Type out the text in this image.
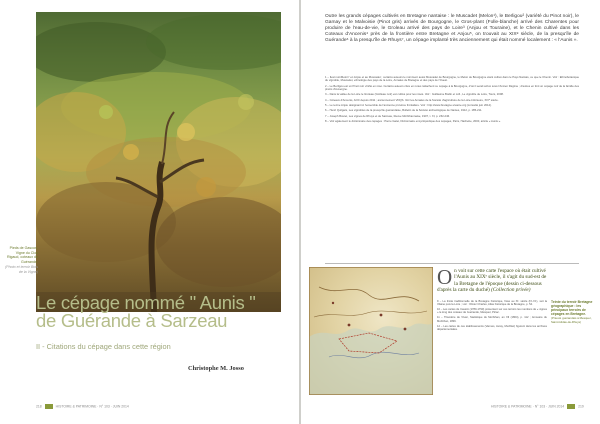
Pieds de Gascon, Vigne du Clos Rigaud, coteaux de Guérande.
(Photo et terroir Bois de la Vigne)
Le cépage nommé " Aunis "
de Guérande à Sarzeau
II - Citations du cépage dans cette région
Christophe M. Josso
218	HISTOIRE & PATRIMOINE · N° 103 · JUIN 2014

Outre les grands cépages cultivés en Bretagne nantaise : le Muscadet (Melon¹), le Berligou² (variété du Pinot noir), le Gamay et le Malvoisie (Pinot gris) arrivés de Bourgogne, le Gros-plant (Folle-blanche) arrivé des Charentes pour produire de l'eau-de-vie, le Groleau arrivé des pays de Loire³ (Anjou et Touraine), et le Chenin cultivé dans les Coteaux d'Ancenis⁴ près de la frontière entre Bretagne et Anjou⁵, on trouvait au XIXᵉ siècle, de la presqu'île de Guérande⁶ à la presqu'île de Rhuys⁷, un cépage implanté très anciennement qui était nommé localement : « l'Aunis ».

1 – Ilest nomMelon" en Anjou et au Muscadet ; certains auteurs le nomment aussi Muscadet de Bourgogne, le Melon de Bourgogne étant cultivé dans le Pays Nantais, ce que le Chenin. Voir : Ethnobotanique du vignoble, Muscadet, ethnologie des pays de la Loire, Annales de Bretagne et des pays de l'Ouest.

2 – Le Berligou est un Pinot noir vinifié en rosé. Certains auteurs cités en notes rattachent ce cépage à la Bourgogne, d'où il serait arrivé sous l'Ancien Régime ; d'autres en font un cépage noir de la famille des pinots d'Auvergne.

3 – Dans la vallée de la Loire le Groleau (Grolleau noir) est cultivé pour les rosés. Voir : Guillaume Bodin et coll., Le vignoble de Loire, Tours, 2008.

4 – Coteaux d'Ancenis, AOC depuis 2011 ; anciennement VDQS. Voir les Annales de la Société d'agriculture de la Loire-Inférieure, XIXᵉ siècle.

5 – Le terme Anjou désignant ici l'ensemble de l'ancienne province frontalière. Voir : http://www.bretagne-vivante.org (consulté juin 2014).

6 – Henri Quilgars, Les vignobles de la presqu'île guérandaise, Bulletin de la Société archéologique de Nantes, 1912, p. 185-211.

7 – Joseph Boutet, Les vignes de Rhuys et de Sarzeau, Revue Morbihannaise, 1907, t. XI, p. 232-246.

8 – Voir également le dictionnaire des cépages : Pierre Galet, Dictionnaire encyclopédique des cépages, Paris, Hachette, 2000, article « Aunis ».

O n voit sur cette carte l'espace où était cultivé l'Aunis au XIXᵉ siècle, il s'agit du sud-est de la Bretagne de l'époque (dessin ci-dessous d'après la carte du duché) (Collection privée)

9 – La limite traditionnelle de la Bretagne historique, fixée au XIᵉ siècle (IX-XIᵉ), suit la Vilaine puis la Loire ; voir : Olivier Charles, Atlas historique de la Bretagne, p. 54.

10 – Les cartes de Cassini (1780-1790) présentent sur ces terroirs les mentions de « vignes » le long des coteaux de Guérande, Mesquer, Piriac.

11 – Théodore de Vivier, Statistique du Morbihan, an XII (1804), p. 112 ; Annuaire du Morbihan, 1839.

12 – Les cartes de ces établissements (Vannes, Auray, Muzillac) figurent dans les archives départementales.

Teinte du terroir Bretagne géographique : les principaux terroirs de cépages en Bretagne.
(Prieuré guérandais à Mesquer, Saint-Gildas-de-Rhuys)
HISTOIRE & PATRIMOINE · N° 103 · JUIN 2014	219
